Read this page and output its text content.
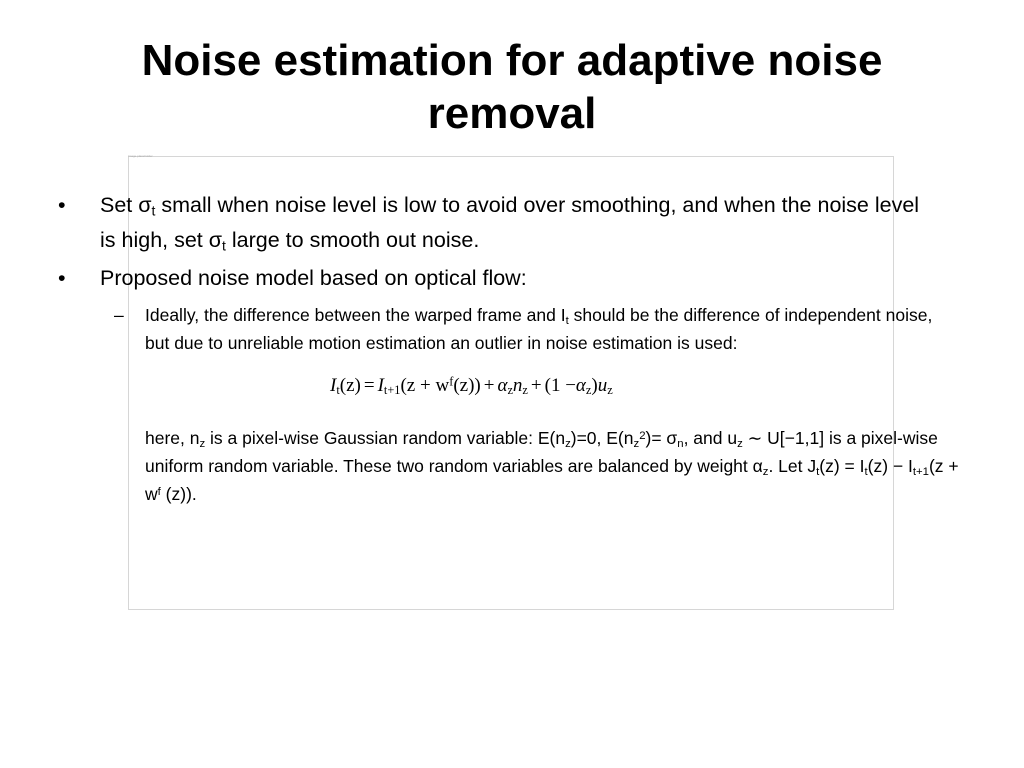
Noise estimation for adaptive noise removal
Image placeholder
• Set $\sigma_t$ small when noise level is low to avoid over smoothing, and when the noise level is high, set $\sigma_t$ large to smooth out noise.
• Proposed noise model based on optical flow:
– Ideally, the difference between the warped frame and $I_t$ should be the difference of independent noise, but due to unreliable motion estimation an outlier in noise estimation is used:
$I_t(z) = I_{t+1}(z + w^f(z)) + \alpha_zn_z + (1 -\alpha_z)u_z$
here, $n_z$ is a pixel-wise Gaussian random variable: $E(n_z)=0$, $E(n_z^2)= \sigma_n$, and $u_z$ ∼ U[−1,1] is a pixel-wise uniform random variable. These two random variables are balanced by weight $\alpha_z$. Let $J_t(z) = I_t(z) - I_{t+1}(z + w^f$ (z)).
